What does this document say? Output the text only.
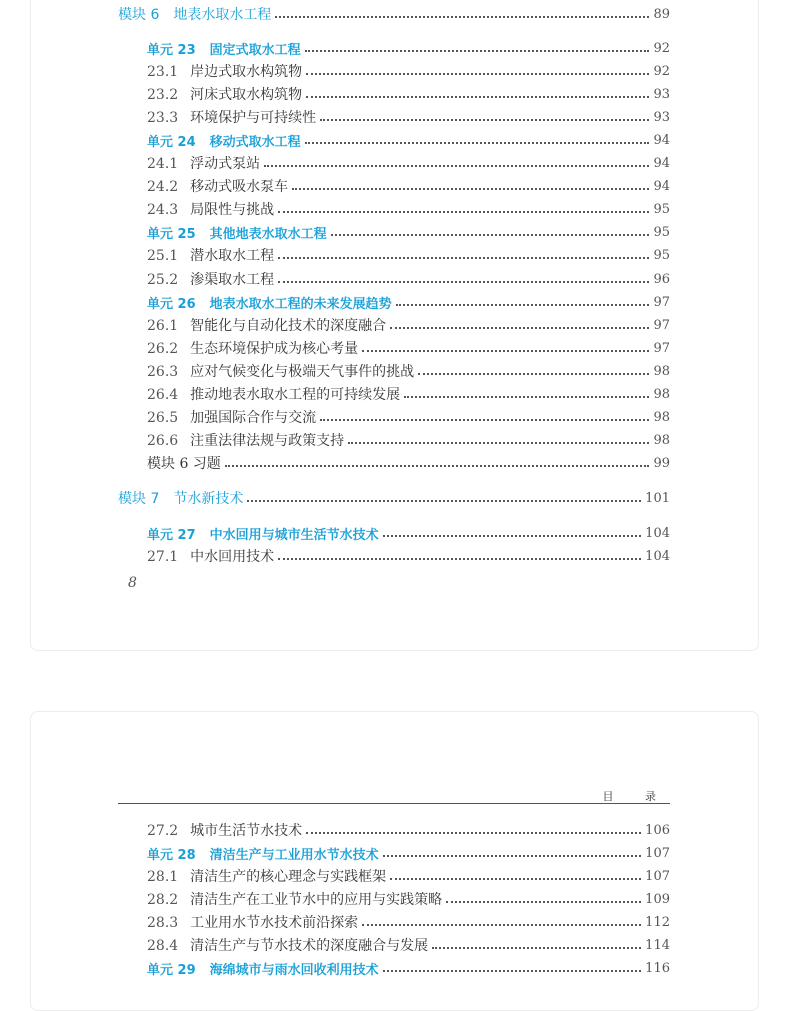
模块 6 地表水取水工程	89
单元 23 固定式取水工程	92
23.1 岸边式取水构筑物	92
23.2 河床式取水构筑物	93
23.3 环境保护与可持续性	93
单元 24 移动式取水工程	94
24.1 浮动式泵站	94
24.2 移动式吸水泵车	94
24.3 局限性与挑战	95
单元 25 其他地表水取水工程	95
25.1 潜水取水工程	95
25.2 渗渠取水工程	96
单元 26 地表水取水工程的未来发展趋势	97
26.1 智能化与自动化技术的深度融合	97
26.2 生态环境保护成为核心考量	97
26.3 应对气候变化与极端天气事件的挑战	98
26.4 推动地表水取水工程的可持续发展	98
26.5 加强国际合作与交流	98
26.6 注重法律法规与政策支持	98
模块 6 习题	99
模块 7 节水新技术	101
单元 27 中水回用与城市生活节水技术	104
27.1 中水回用技术	104
8
目 录
27.2 城市生活节水技术	106
单元 28 清洁生产与工业用水节水技术	107
28.1 清洁生产的核心理念与实践框架	107
28.2 清洁生产在工业节水中的应用与实践策略	109
28.3 工业用水节水技术前沿探索	112
28.4 清洁生产与节水技术的深度融合与发展	114
单元 29 海绵城市与雨水回收利用技术	116
